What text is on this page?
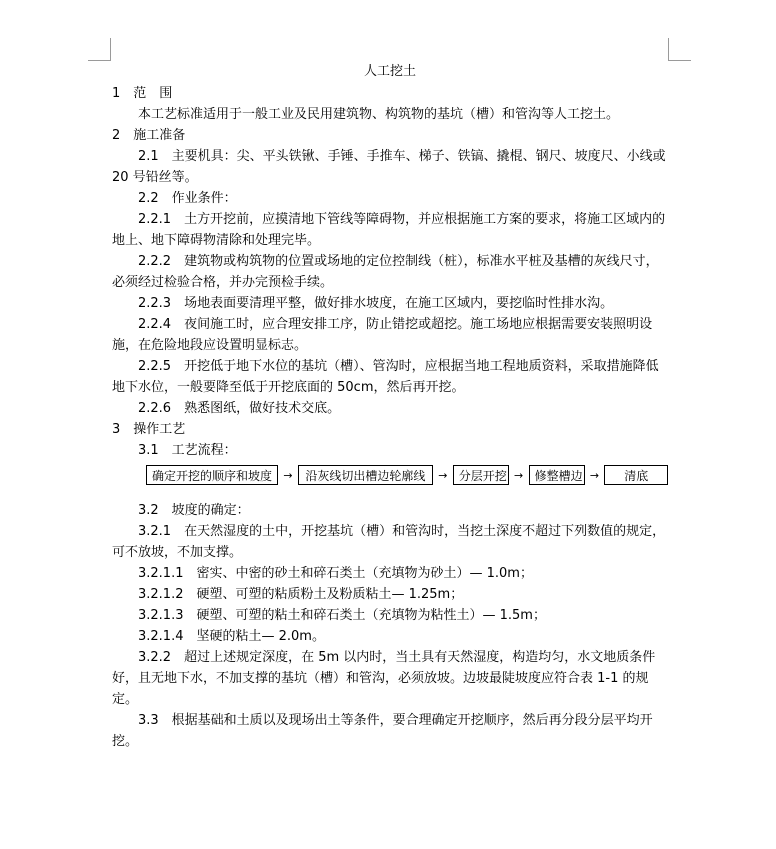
人工挖土
1　范　围
本工艺标准适用于一般工业及民用建筑物、构筑物的基坑（槽）和管沟等人工挖土。
2　施工准备
2.1　主要机具：尖、平头铁锹、手锤、手推车、梯子、铁镐、撬棍、钢尺、坡度尺、小线或 20 号铅丝等。
2.2　作业条件：
2.2.1　土方开挖前，应摸清地下管线等障碍物，并应根据施工方案的要求，将施工区域内的地上、地下障碍物清除和处理完毕。
2.2.2　建筑物或构筑物的位置或场地的定位控制线（桩），标准水平桩及基槽的灰线尺寸，必须经过检验合格，并办完预检手续。
2.2.3　场地表面要清理平整，做好排水坡度，在施工区域内，要挖临时性排水沟。
2.2.4　夜间施工时，应合理安排工序，防止错挖或超挖。施工场地应根据需要安装照明设施，在危险地段应设置明显标志。
2.2.5　开挖低于地下水位的基坑（槽）、管沟时，应根据当地工程地质资料，采取措施降低地下水位，一般要降至低于开挖底面的 50cm，然后再开挖。
2.2.6　熟悉图纸，做好技术交底。
3　操作工艺
3.1　工艺流程：
确定开挖的顺序和坡度	→	沿灰线切出槽边轮廓线	→ 分层开挖 → 修整槽边 →	清底
3.2　坡度的确定：
3.2.1　在天然湿度的土中，开挖基坑（槽）和管沟时，当挖土深度不超过下列数值的规定，可不放坡，不加支撑。
3.2.1.1　密实、中密的砂土和碎石类土（充填物为砂土）— 1.0m；
3.2.1.2　硬塑、可塑的粘质粉土及粉质粘土— 1.25m；
3.2.1.3　硬塑、可塑的粘土和碎石类土（充填物为粘性土）— 1.5m；
3.2.1.4　坚硬的粘土— 2.0m。
3.2.2　超过上述规定深度，在 5m 以内时，当土具有天然湿度，构造均匀，水文地质条件好，且无地下水，不加支撑的基坑（槽）和管沟，必须放坡。边坡最陡坡度应符合表 1-1 的规定。
3.3　根据基础和土质以及现场出土等条件，要合理确定开挖顺序，然后再分段分层平均开挖。
